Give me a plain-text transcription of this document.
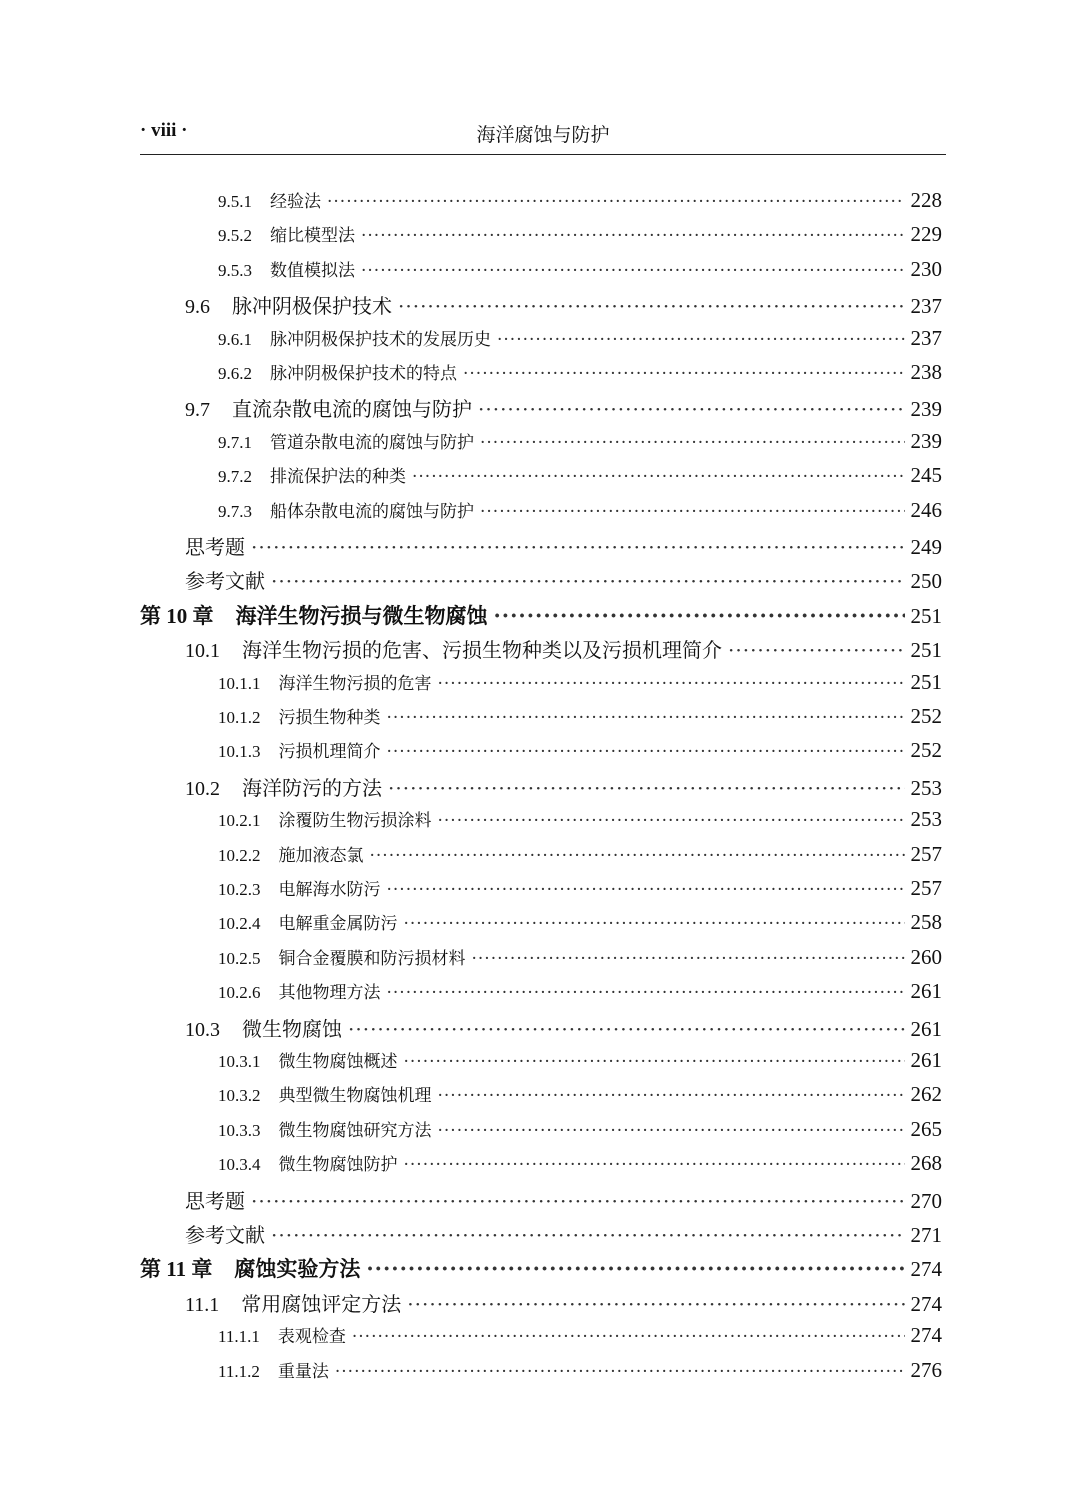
· viii ·	海洋腐蚀与防护
9.5.1 经验法 ·····	228
9.5.2 缩比模型法 ·····	229
9.5.3 数值模拟法 ·····	230
9.6 脉冲阴极保护技术 ·····	237
9.6.1 脉冲阴极保护技术的发展历史 ·····	237
9.6.2 脉冲阴极保护技术的特点 ·····	238
9.7 直流杂散电流的腐蚀与防护 ·····	239
9.7.1 管道杂散电流的腐蚀与防护 ·····	239
9.7.2 排流保护法的种类 ·····	245
9.7.3 船体杂散电流的腐蚀与防护 ·····	246
思考题 ·····	249
参考文献 ·····	250
第 10 章 海洋生物污损与微生物腐蚀 ·····	251
10.1 海洋生物污损的危害、污损生物种类以及污损机理简介 ·····	251
10.1.1 海洋生物污损的危害 ·····	251
10.1.2 污损生物种类 ·····	252
10.1.3 污损机理简介 ·····	252
10.2 海洋防污的方法 ·····	253
10.2.1 涂覆防生物污损涂料 ·····	253
10.2.2 施加液态氯 ·····	257
10.2.3 电解海水防污 ·····	257
10.2.4 电解重金属防污 ·····	258
10.2.5 铜合金覆膜和防污损材料 ·····	260
10.2.6 其他物理方法 ·····	261
10.3 微生物腐蚀 ·····	261
10.3.1 微生物腐蚀概述 ·····	261
10.3.2 典型微生物腐蚀机理 ·····	262
10.3.3 微生物腐蚀研究方法 ·····	265
10.3.4 微生物腐蚀防护 ·····	268
思考题 ·····	270
参考文献 ·····	271
第 11 章 腐蚀实验方法 ·····	274
11.1 常用腐蚀评定方法 ·····	274
11.1.1 表观检查 ·····	274
11.1.2 重量法 ·····	276
